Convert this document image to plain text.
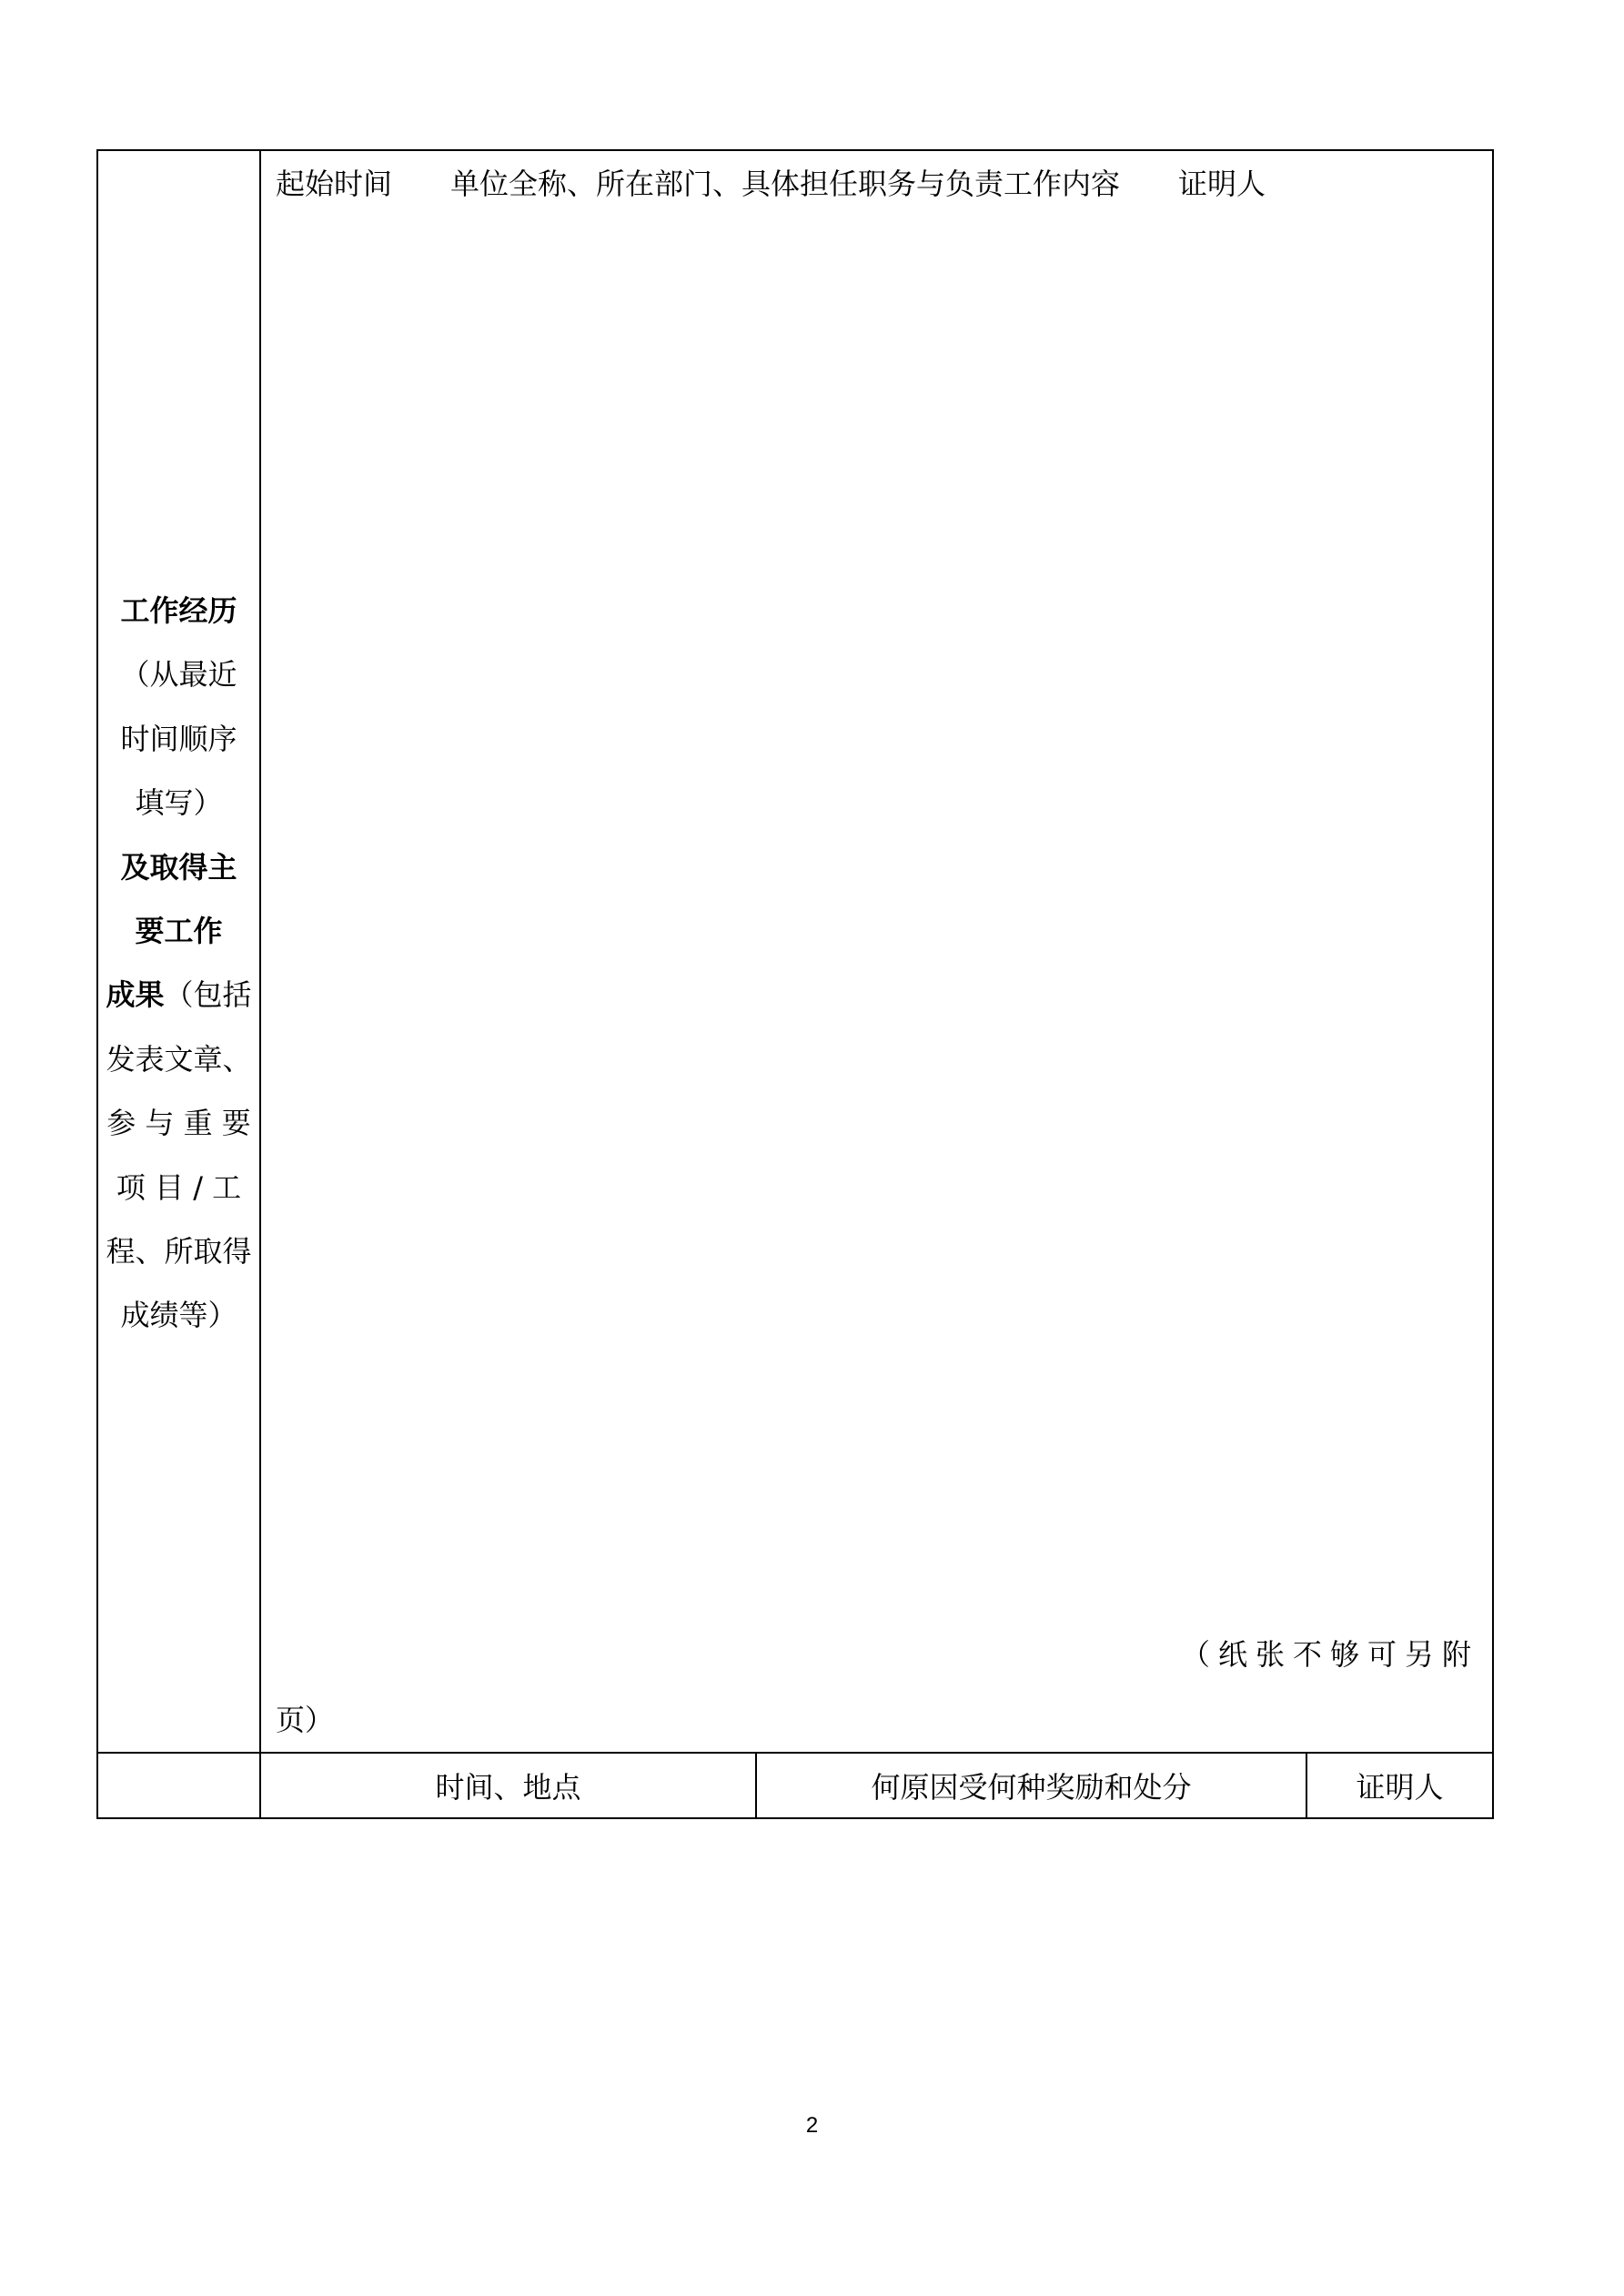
工作经历
（从最近
时间顺序
填写）
及取得主
要工作
成果（包括
发表文章、
参 与 重 要
项 目 / 工
程、所取得
成绩等）
起始时间 单位全称、所在部门、具体担任职务与负责工作内容 证明人
（纸张不够可另附
页）
时间、地点	何原因受何种奖励和处分	证明人
2
